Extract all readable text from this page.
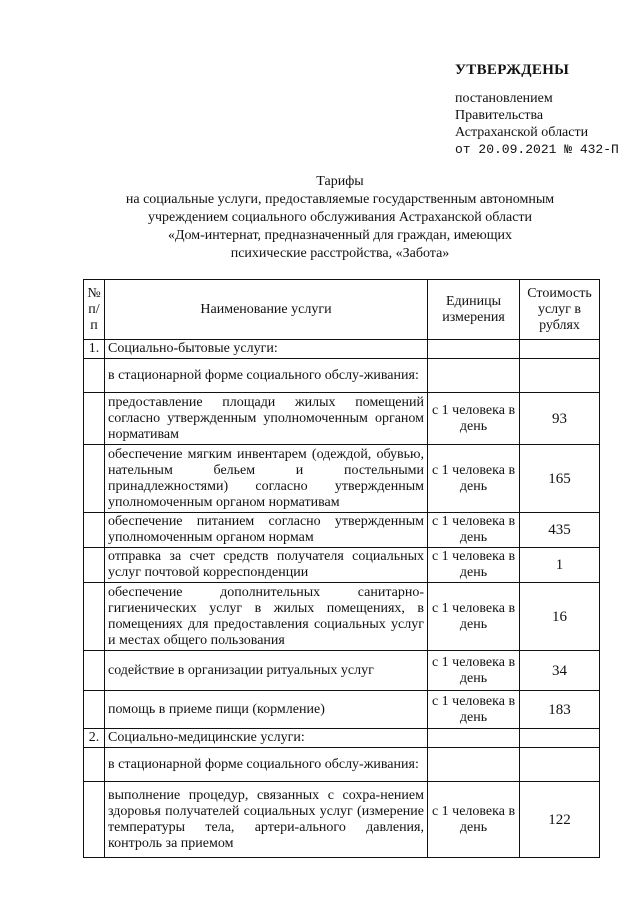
УТВЕРЖДЕНЫ
постановлением
Правительства
Астраханской области
от 20.09.2021 № 432-П
Тарифы
на социальные услуги, предоставляемые государственным автономным
учреждением социального обслуживания Астраханской области
«Дом-интернат, предназначенный для граждан, имеющих
психические расстройства, «Забота»
№ п/п	Наименование услуги	Единицы измерения	Стоимость услуг в рублях
1.	Социально-бытовые услуги:		
	в стационарной форме социального обслу-живания:		
	предоставление площади жилых помещений согласно утвержденным уполномоченным органом нормативам	с 1 человека в день	93
	обеспечение мягким инвентарем (одеждой, обувью, нательным бельем и постельными принадлежностями) согласно утвержденным уполномоченным органом нормативам	с 1 человека в день	165
	обеспечение питанием согласно утвержденным уполномоченным органом нормам	с 1 человека в день	435
	отправка за счет средств получателя социальных услуг почтовой корреспонденции	с 1 человека в день	1
	обеспечение дополнительных санитарно-гигиенических услуг в жилых помещениях, в помещениях для предоставления социальных услуг и местах общего пользования	с 1 человека в день	16
	содействие в организации ритуальных услуг	с 1 человека в день	34
	помощь в приеме пищи (кормление)	с 1 человека в день	183
2.	Социально-медицинские услуги:		
	в стационарной форме социального обслу-живания:		
	выполнение процедур, связанных с сохра-нением здоровья получателей социальных услуг (измерение температуры тела, артери-ального давления, контроль за приемом	с 1 человека в день	122
